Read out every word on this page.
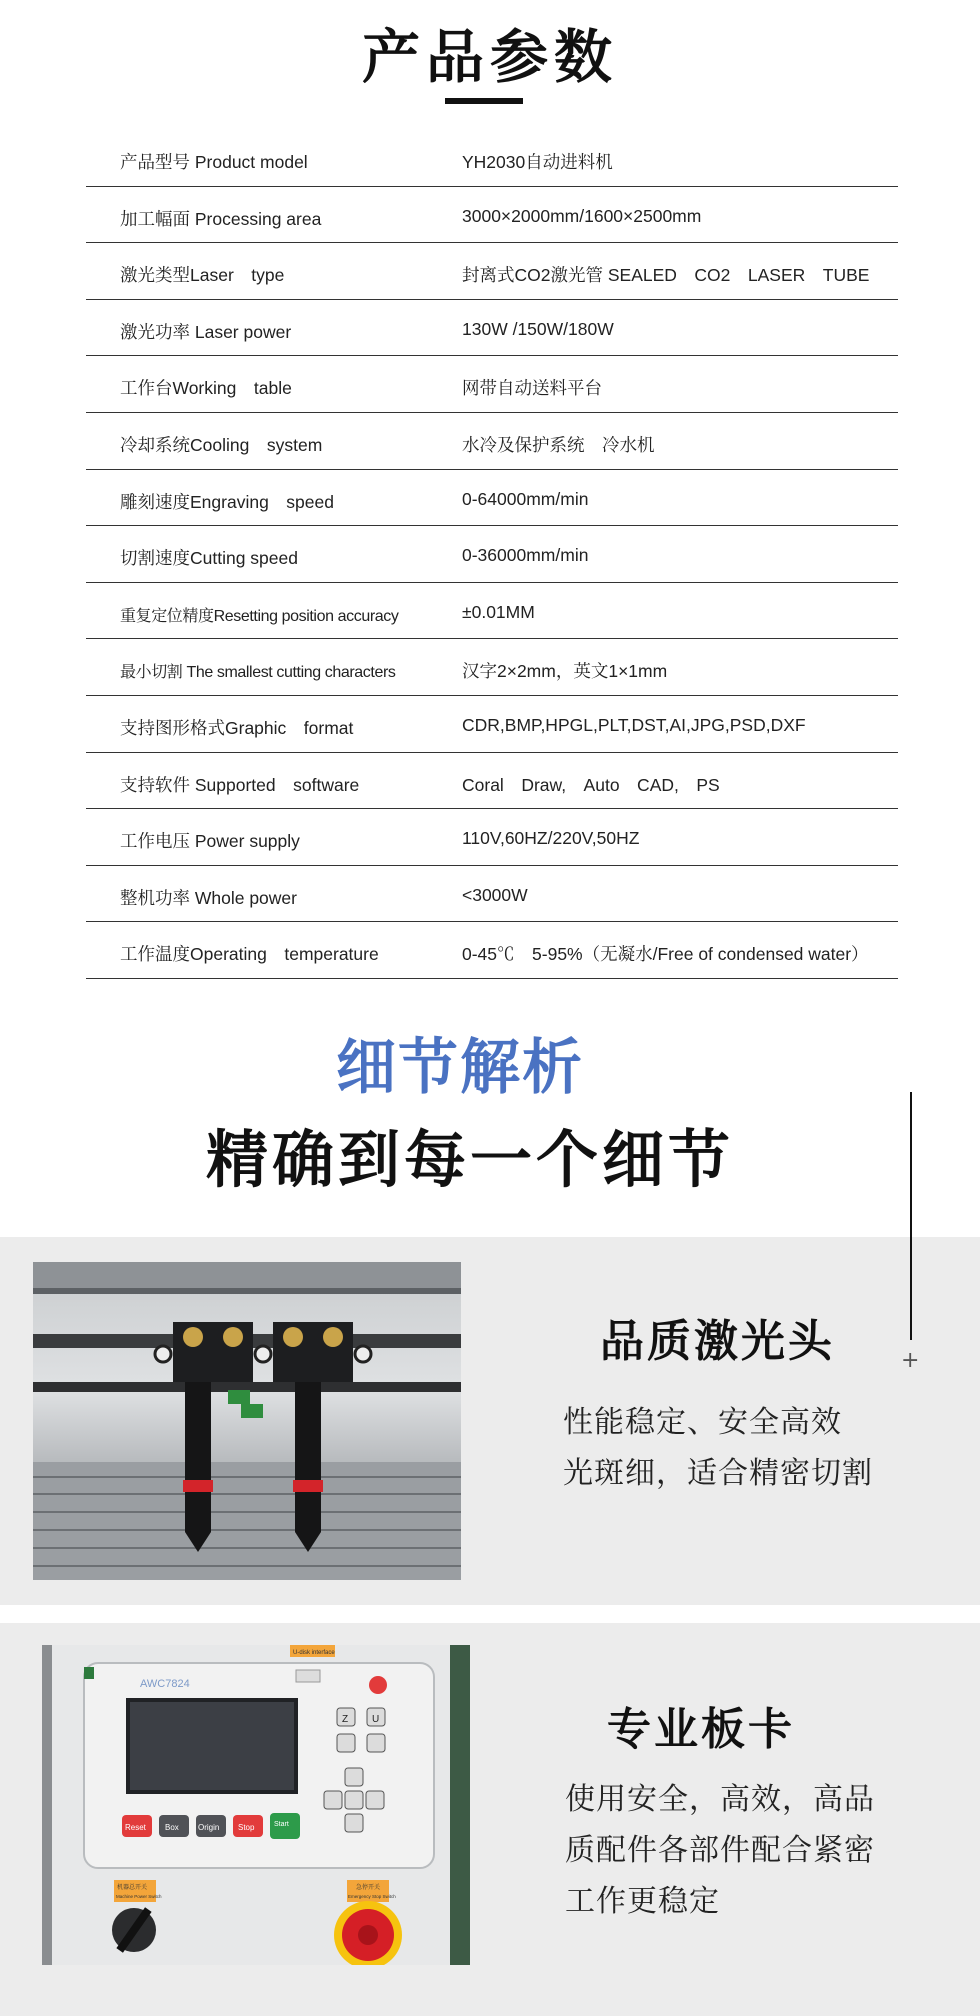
产品参数
产品型号 Product model	YH2030自动进料机
加工幅面 Processing area	3000×2000mm/1600×2500mm
激光类型Laser　type	封离式CO2激光管 SEALED　CO2　LASER　TUBE
激光功率 Laser power	130W /150W/180W
工作台Working　table	网带自动送料平台
冷却系统Cooling　system	水冷及保护系统　冷水机
雕刻速度Engraving　speed	0-64000mm/min
切割速度Cutting speed	0-36000mm/min
重复定位精度Resetting position accuracy	±0.01MM
最小切割 The smallest cutting characters	汉字2×2mm，英文1×1mm
支持图形格式Graphic　format	CDR,BMP,HPGL,PLT,DST,AI,JPG,PSD,DXF
支持软件 Supported　software	Coral　Draw,　Auto　CAD,　PS
工作电压 Power supply	110V,60HZ/220V,50HZ
整机功率 Whole power	<3000W
工作温度Operating　temperature	0-45℃　5-95%（无凝水/Free of condensed water）
细节解析
精确到每一个细节
+
品质激光头
性能稳定、安全高效
光斑细，适合精密切割
AWC7824
U-disk interface
Z U
Reset Box Origin Stop	Start
机器总开关
Machine Power Switch
急停开关
Emergency Stop Switch
专业板卡
使用安全，高效，高品
质配件各部件配合紧密
工作更稳定
